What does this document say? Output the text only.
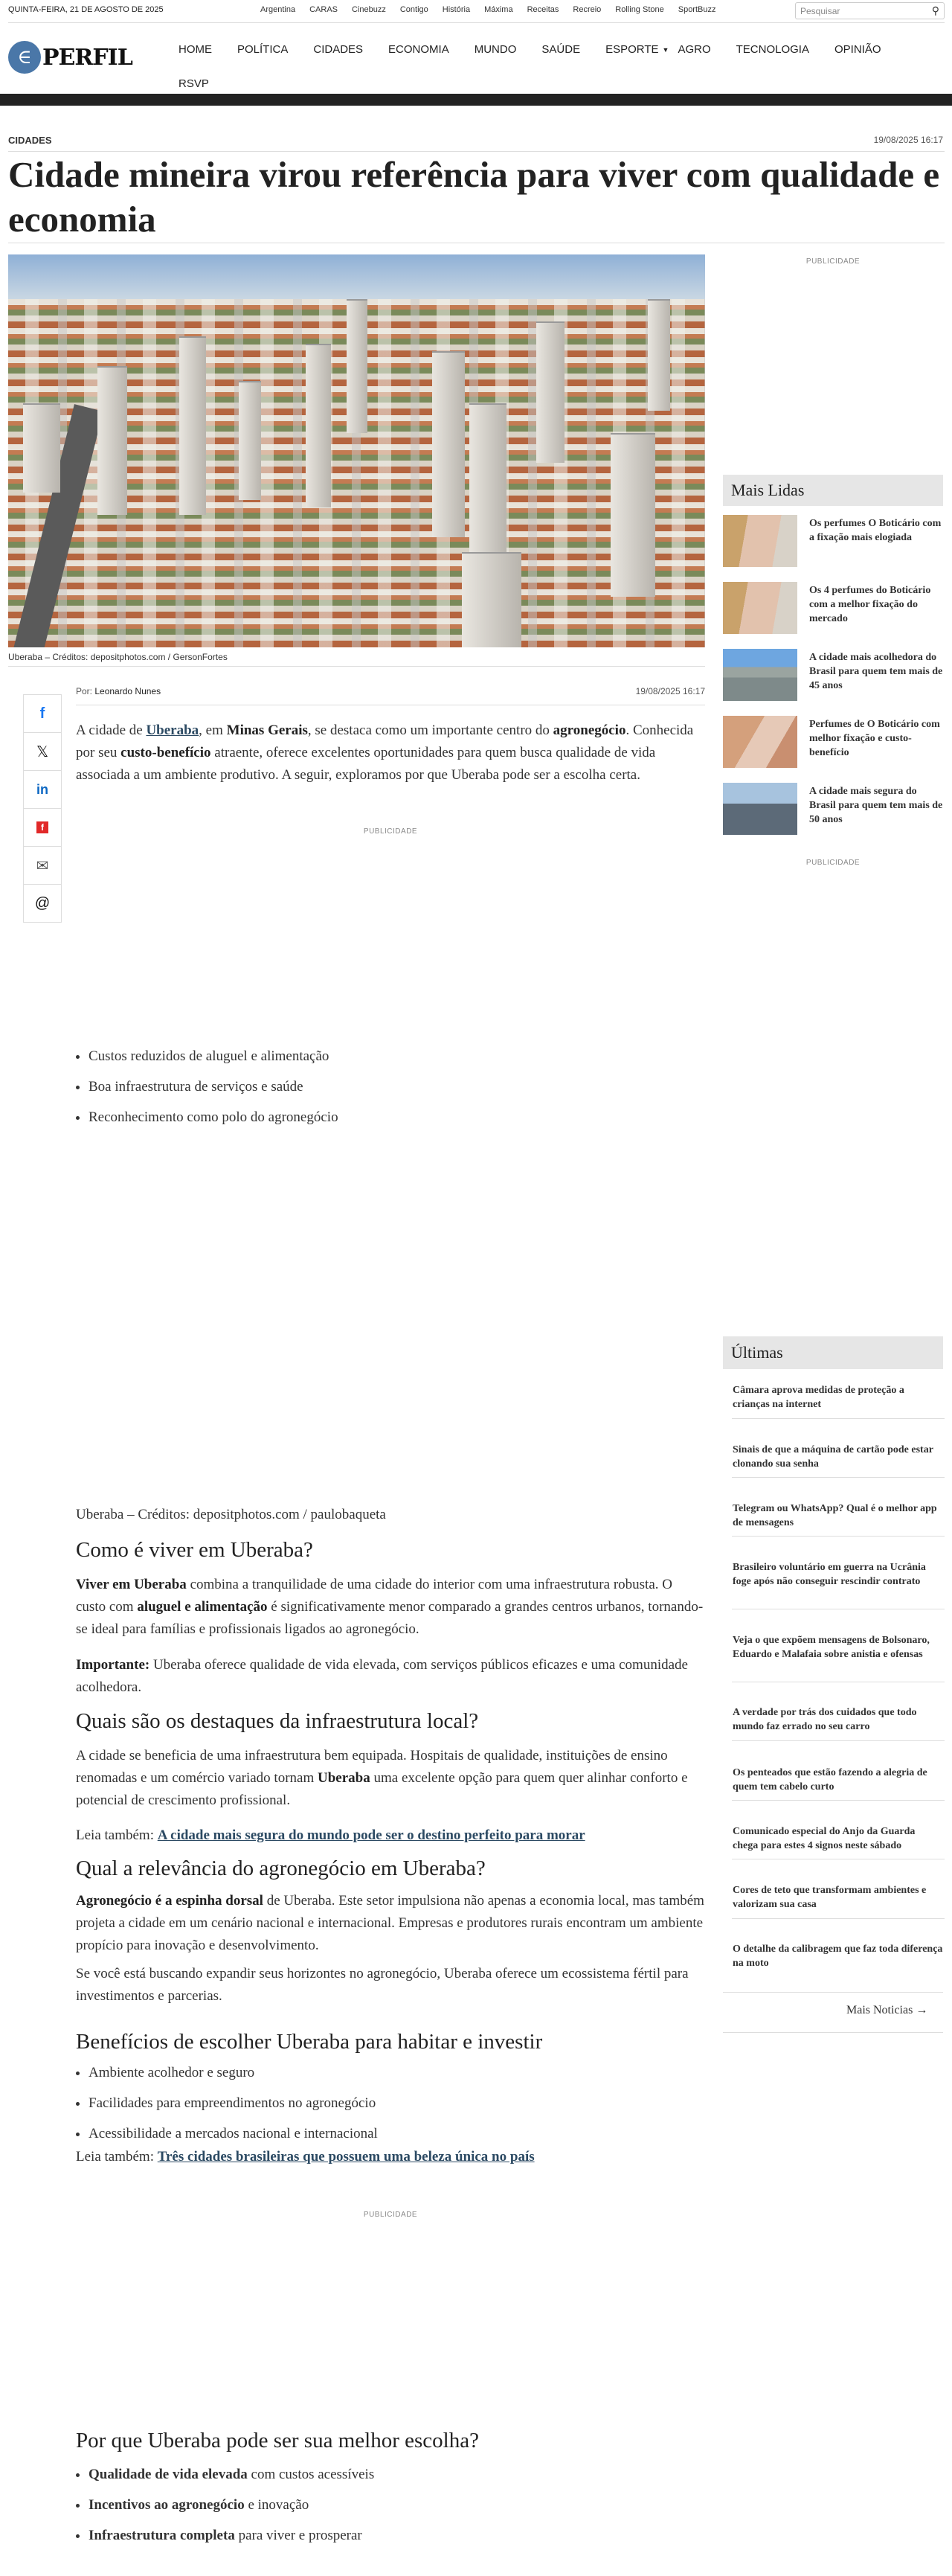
QUINTA-FEIRA, 21 DE AGOSTO DE 2025	Argentina CARAS Cinebuzz Contigo História Máxima Receitas Recreio Rolling Stone SportBuzz	Pesquisar	⚲
∈ PERFIL	HOME POLÍTICA CIDADES ECONOMIA MUNDO SAÚDE ESPORTE ▼ AGRO TECNOLOGIA OPINIÃO
RSVP
CIDADES	19/08/2025 16:17
Cidade mineira virou referência para viver com qualidade e economia
Uberaba – Créditos: depositphotos.com / GersonFortes
f
𝕏
in
f
✉
@
Por: Leonardo Nunes	19/08/2025 16:17

A cidade de Uberaba, em Minas Gerais, se destaca como um importante centro do agronegócio. Conhecida por seu custo-benefício atraente, oferece excelentes oportunidades para quem busca qualidade de vida associada a um ambiente produtivo. A seguir, exploramos por que Uberaba pode ser a escolha certa.

PUBLICIDADE
• Custos reduzidos de aluguel e alimentação
• Boa infraestrutura de serviços e saúde
• Reconhecimento como polo do agronegócio

Uberaba – Créditos: depositphotos.com / paulobaqueta

Como é viver em Uberaba?

Viver em Uberaba combina a tranquilidade de uma cidade do interior com uma infraestrutura robusta. O custo com aluguel e alimentação é significativamente menor comparado a grandes centros urbanos, tornando-se ideal para famílias e profissionais ligados ao agronegócio.

Importante: Uberaba oferece qualidade de vida elevada, com serviços públicos eficazes e uma comunidade acolhedora.

Quais são os destaques da infraestrutura local?

A cidade se beneficia de uma infraestrutura bem equipada. Hospitais de qualidade, instituições de ensino renomadas e um comércio variado tornam Uberaba uma excelente opção para quem quer alinhar conforto e potencial de crescimento profissional.

Leia também: A cidade mais segura do mundo pode ser o destino perfeito para morar

Qual a relevância do agronegócio em Uberaba?

Agronegócio é a espinha dorsal de Uberaba. Este setor impulsiona não apenas a economia local, mas também projeta a cidade em um cenário nacional e internacional. Empresas e produtores rurais encontram um ambiente propício para inovação e desenvolvimento.

Se você está buscando expandir seus horizontes no agronegócio, Uberaba oferece um ecossistema fértil para investimentos e parcerias.

Benefícios de escolher Uberaba para habitar e investir
• Ambiente acolhedor e seguro
• Facilidades para empreendimentos no agronegócio
• Acessibilidade a mercados nacional e internacional

Leia também: Três cidades brasileiras que possuem uma beleza única no país

PUBLICIDADE
Por que Uberaba pode ser sua melhor escolha?
• Qualidade de vida elevada com custos acessíveis
• Incentivos ao agronegócio e inovação
• Infraestrutura completa para viver e prosperar
PUBLICIDADE
Mais Lidas
Os perfumes O Boticário com a fixação mais elogiada
Os 4 perfumes do Boticário com a melhor fixação do mercado
A cidade mais acolhedora do Brasil para quem tem mais de 45 anos
Perfumes de O Boticário com melhor fixação e custo-benefício
A cidade mais segura do Brasil para quem tem mais de 50 anos
PUBLICIDADE
Últimas
Câmara aprova medidas de proteção a crianças na internet
Sinais de que a máquina de cartão pode estar clonando sua senha
Telegram ou WhatsApp? Qual é o melhor app de mensagens
Brasileiro voluntário em guerra na Ucrânia foge após não conseguir rescindir contrato
Veja o que expõem mensagens de Bolsonaro, Eduardo e Malafaia sobre anistia e ofensas
A verdade por trás dos cuidados que todo mundo faz errado no seu carro
Os penteados que estão fazendo a alegria de quem tem cabelo curto
Comunicado especial do Anjo da Guarda chega para estes 4 signos neste sábado
Cores de teto que transformam ambientes e valorizam sua casa
O detalhe da calibragem que faz toda diferença na moto
Mais Noticias →
